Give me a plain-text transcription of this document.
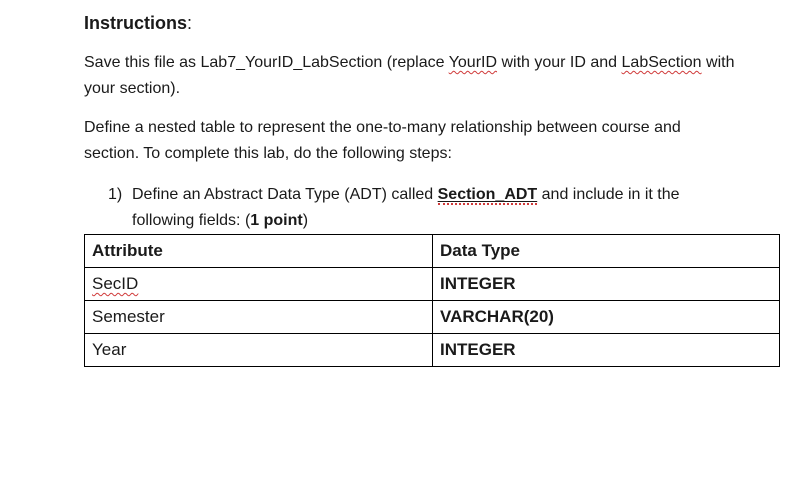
Instructions:
Save this file as Lab7_YourID_LabSection (replace YourID with your ID and LabSection with
your section).
Define a nested table to represent the one-to-many relationship between course and
section. To complete this lab, do the following steps:
1) Define an Abstract Data Type (ADT) called Section_ADT and include in it the
following fields: (1 point)
Attribute	Data Type
SecID	INTEGER
Semester	VARCHAR(20)
Year	INTEGER
